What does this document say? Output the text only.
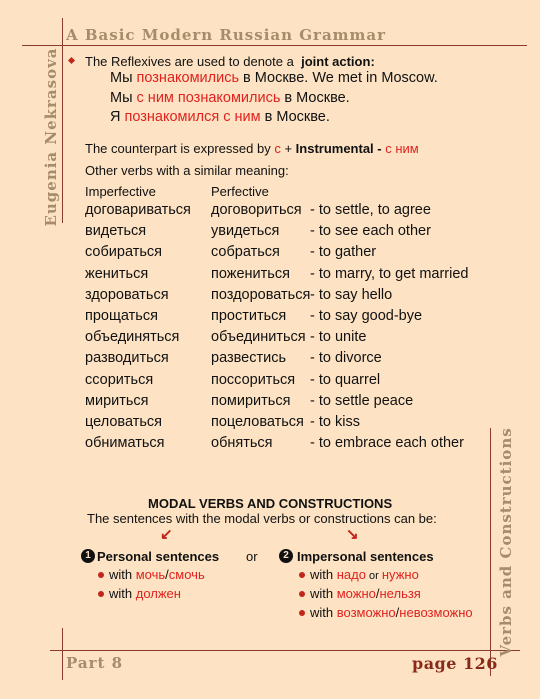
A Basic Modern Russian Grammar
Eugenia Nekrasova
Verbs and Constructions
Part 8	page 126
The Reflexives are used to denote a joint action:
Мы познакомились в Москве. We met in Moscow.
Мы с ним познакомились в Москве.
Я познакомился с ним в Москве.
The counterpart is expressed by с + Instrumental - с ним
Other verbs with a similar meaning:
Imperfective	Perfective
договариваться договориться - to settle, to agree
видеться	увидеться - to see each other
собираться	собраться - to gather
жениться	пожениться - to marry, to get married
здороваться	поздороваться - to say hello
прощаться	проститься - to say good-bye
объединяться объединиться - to unite
разводиться	развестись - to divorce
ссориться	поссориться - to quarrel
мириться	помириться - to settle peace
целоваться	поцеловаться - to kiss
обниматься	обняться	- to embrace each other
MODAL VERBS AND CONSTRUCTIONS
The sentences with the modal verbs or constructions can be:
↙	↘
1 Personal sentences or	2 Impersonal sentences
with мочь/смочь
with должен
with надо or нужно
with можно/нельзя
with возможно/невозможно
